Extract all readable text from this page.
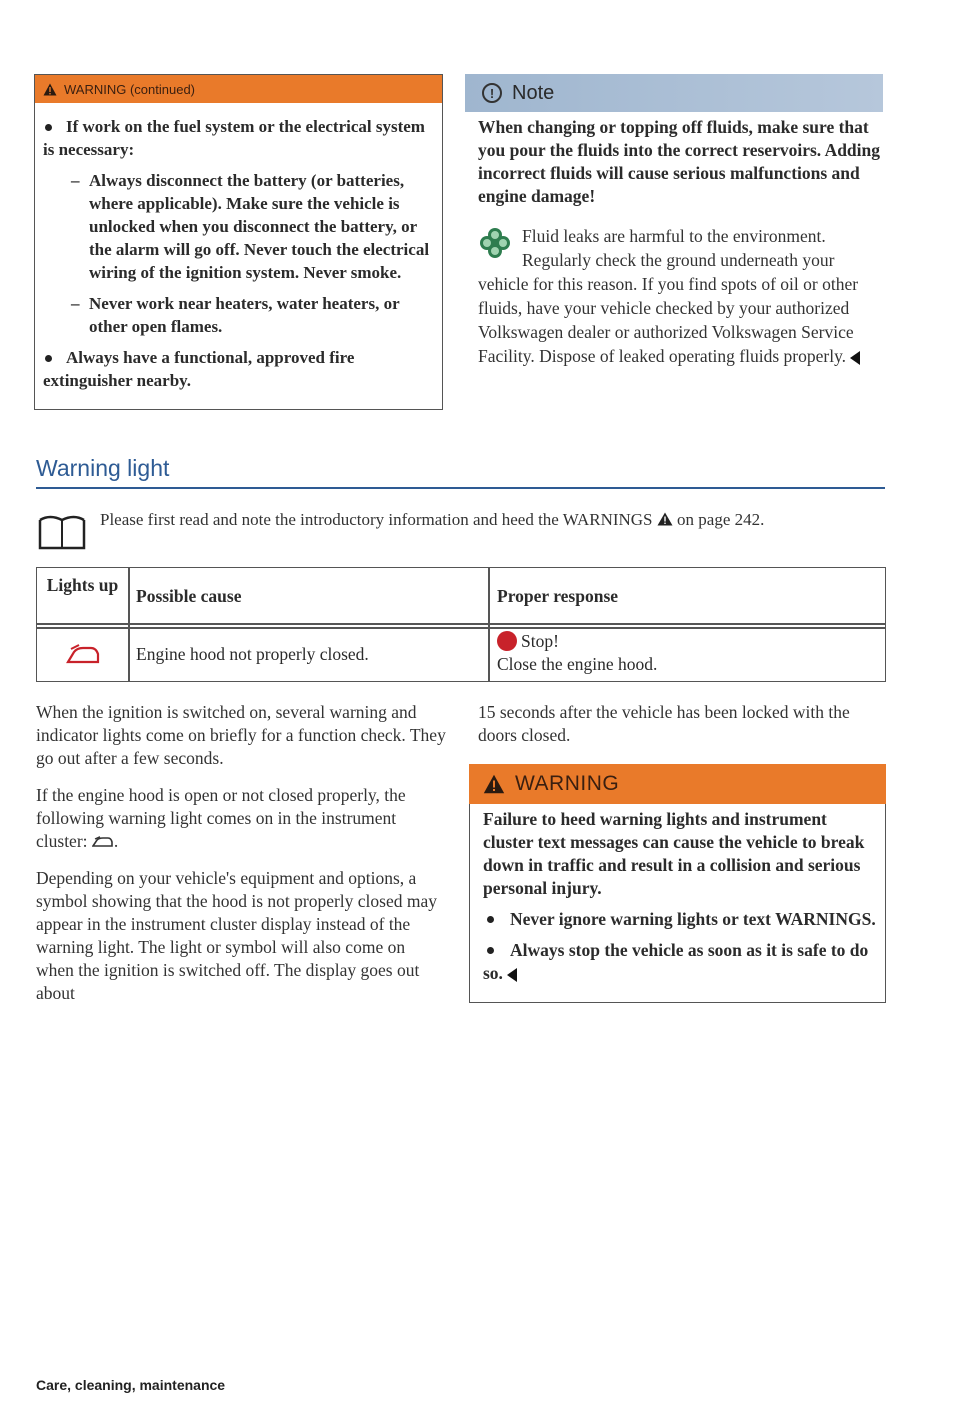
WARNING (continued)

If work on the fuel system or the electrical system is necessary:

– Always disconnect the battery (or batteries, where applicable). Make sure the vehicle is unlocked when you disconnect the battery, or the alarm will go off. Never touch the electrical wiring of the ignition system. Never smoke.

– Never work near heaters, water heaters, or other open flames.

Always have a functional, approved fire extinguisher nearby.

! Note
When changing or topping off fluids, make sure that you pour the fluids into the correct reservoirs. Adding incorrect fluids will cause serious malfunctions and engine damage!
Fluid leaks are harmful to the environment. Regularly check the ground underneath your vehicle for this reason. If you find spots of oil or other fluids, have your vehicle checked by your authorized Volkswagen dealer or authorized Volkswagen Service Facility. Dispose of leaked operating fluids properly.
Warning light
Please first read and note the introductory information and heed the WARNINGS on page 242.
Lights up
Possible cause	Proper response
Engine hood not properly closed.
Stop!
Close the engine hood.

When the ignition is switched on, several warning and indicator lights come on briefly for a function check. They go out after a few seconds.

If the engine hood is open or not closed properly, the following warning light comes on in the instrument cluster: .

Depending on your vehicle's equipment and options, a symbol showing that the hood is not properly closed may appear in the instrument cluster display instead of the warning light. The light or symbol will also come on when the ignition is switched off. The display goes out about

15 seconds after the vehicle has been locked with the doors closed.
WARNING

Failure to heed warning lights and instrument cluster text messages can cause the vehicle to break down in traffic and result in a collision and serious personal injury.

Never ignore warning lights or text WARNINGS.

Always stop the vehicle as soon as it is safe to do so.

Care, cleaning, maintenance
